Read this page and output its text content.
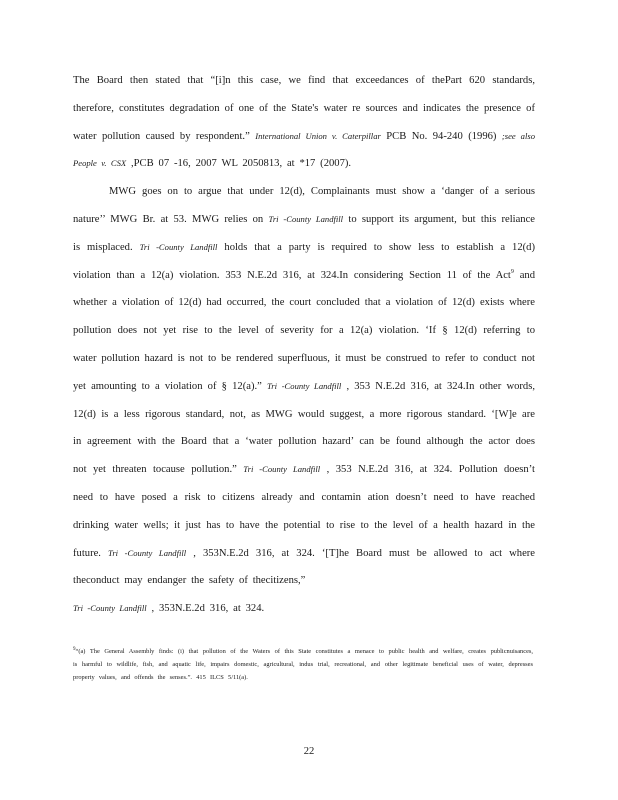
The Board then stated that “[i]n this case, we find that exceedances of thePart 620 standards, therefore, constitutes degradation of one of the State's water re sources and indicates the presence of water pollution caused by respondent.” International Union v. Caterpillar PCB No. 94-240 (1996) ;see also People v. CSX ,PCB 07 -16, 2007 WL 2050813, at *17 (2007).

MWG goes on to argue that under 12(d), Complainants must show a ‘danger of a serious nature’’ MWG Br. at 53. MWG relies on Tri -County Landfill to support its argument, but this reliance is misplaced. Tri -County Landfill holds that a party is required to show less to establish a 12(d) violation than a 12(a) violation. 353 N.E.2d 316, at 324.In considering Section 11 of the Act$^9$ and whether a violation of 12(d) had occurred, the court concluded that a violation of 12(d) exists where pollution does not yet rise to the level of severity for a 12(a) violation. ‘If § 12(d) referring to water pollution hazard is not to be rendered superfluous, it must be construed to refer to conduct not yet amounting to a violation of § 12(a).” Tri -County Landfill , 353 N.E.2d 316, at 324.In other words, 12(d) is a less rigorous standard, not, as MWG would suggest, a more rigorous standard. ‘[W]e are in agreement with the Board that a ‘water pollution hazard’ can be found although the actor does not yet threaten tocause pollution.” Tri -County Landfill , 353 N.E.2d 316, at 324. Pollution doesn’t need to have posed a risk to citizens already and contamin ation doesn’t need to have reached drinking water wells; it just has to have the potential to rise to the level of a health hazard in the future. Tri -County Landfill , 353N.E.2d 316, at 324. ‘[T]he Board must be allowed to act where theconduct may endanger the safety of thecitizens,”
Tri -County Landfill , 353N.E.2d 316, at 324.

$^9$“(a) The General Assembly finds: (i) that pollution of the Waters of this State constitutes a menace to public health and welfare, creates publicnuisances, is harmful to wildlife, fish, and aquatic life, impairs domestic, agricultural, indus trial, recreational, and other legitimate beneficial uses of water, depresses property values, and offends the senses.”. 415 ILCS 5/11(a).
22
